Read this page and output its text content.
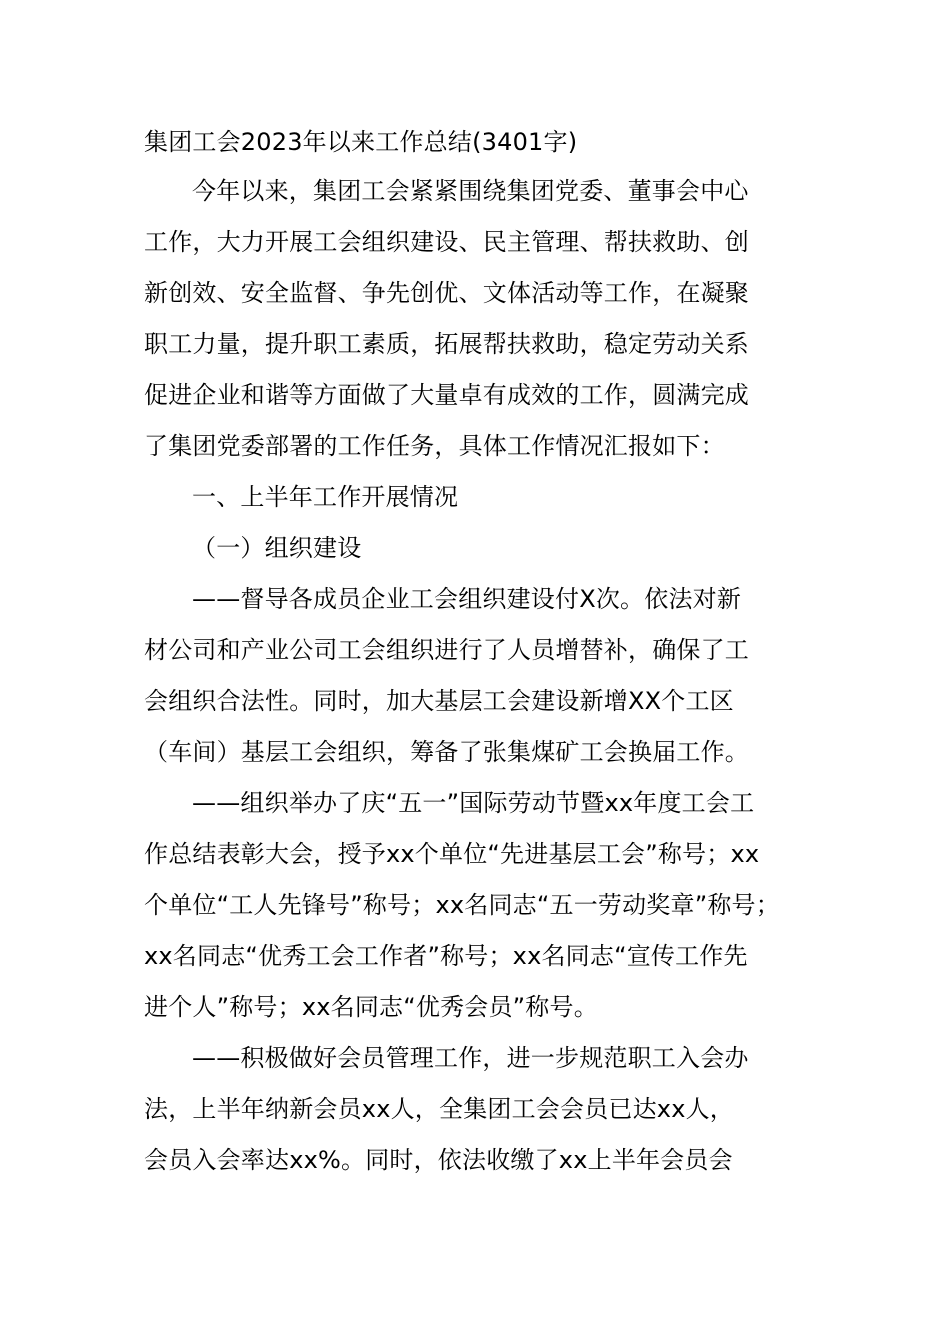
集团工会2023年以来工作总结(3401字)
今年以来，集团工会紧紧围绕集团党委、董事会中心
工作，大力开展工会组织建设、民主管理、帮扶救助、创
新创效、安全监督、争先创优、文体活动等工作，在凝聚
职工力量，提升职工素质，拓展帮扶救助，稳定劳动关系
促进企业和谐等方面做了大量卓有成效的工作，圆满完成
了集团党委部署的工作任务，具体工作情况汇报如下：
一、上半年工作开展情况
（一）组织建设
——督导各成员企业工会组织建设付X次。依法对新
材公司和产业公司工会组织进行了人员增替补，确保了工
会组织合法性。同时，加大基层工会建设新增XX个工区
（车间）基层工会组织，筹备了张集煤矿工会换届工作。
——组织举办了庆“五一”国际劳动节暨xx年度工会工
作总结表彰大会，授予xx个单位“先进基层工会”称号；xx
个单位“工人先锋号”称号；xx名同志“五一劳动奖章”称号；
xx名同志“优秀工会工作者”称号；xx名同志“宣传工作先
进个人”称号；xx名同志“优秀会员”称号。
——积极做好会员管理工作，进一步规范职工入会办
法，上半年纳新会员xx人，全集团工会会员已达xx人，
会员入会率达xx%。同时，依法收缴了xx上半年会员会
